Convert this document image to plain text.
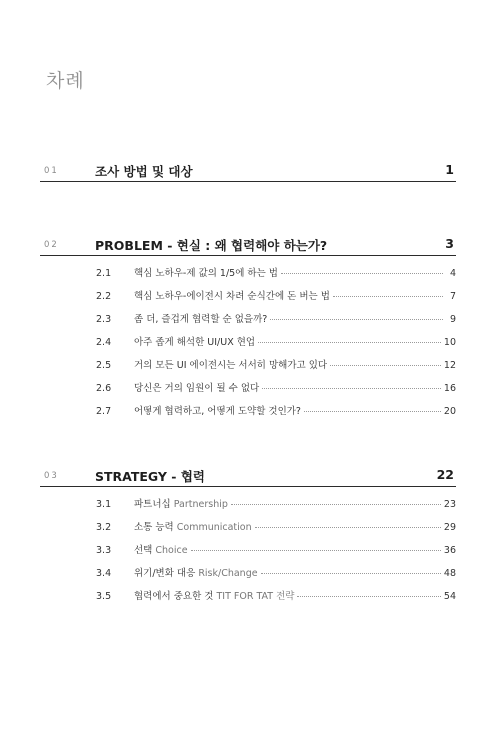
차례
01	조사 방법 및 대상	1
02	PROBLEM - 현실 : 왜 협력해야 하는가?	3
2.1	핵심 노하우-제 값의 1/5에 하는 법	4
2.2	핵심 노하우-에이전시 차려 순식간에 돈 버는 법	7
2.3	좀 더, 즐겁게 협력할 순 없을까?	9
2.4	아주 좁게 해석한 UI/UX 현업	10
2.5	거의 모든 UI 에이전시는 서서히 망해가고 있다	12
2.6	당신은 거의 임원이 될 수 없다	16
2.7	어떻게 협력하고, 어떻게 도약할 것인가?	20
03	STRATEGY - 협력	22
3.1	파트너십 Partnership	23
3.2	소통 능력 Communication	29
3.3	선택 Choice	36
3.4	위기/변화 대응 Risk/Change	48
3.5	협력에서 중요한 것 TIT FOR TAT 전략	54
